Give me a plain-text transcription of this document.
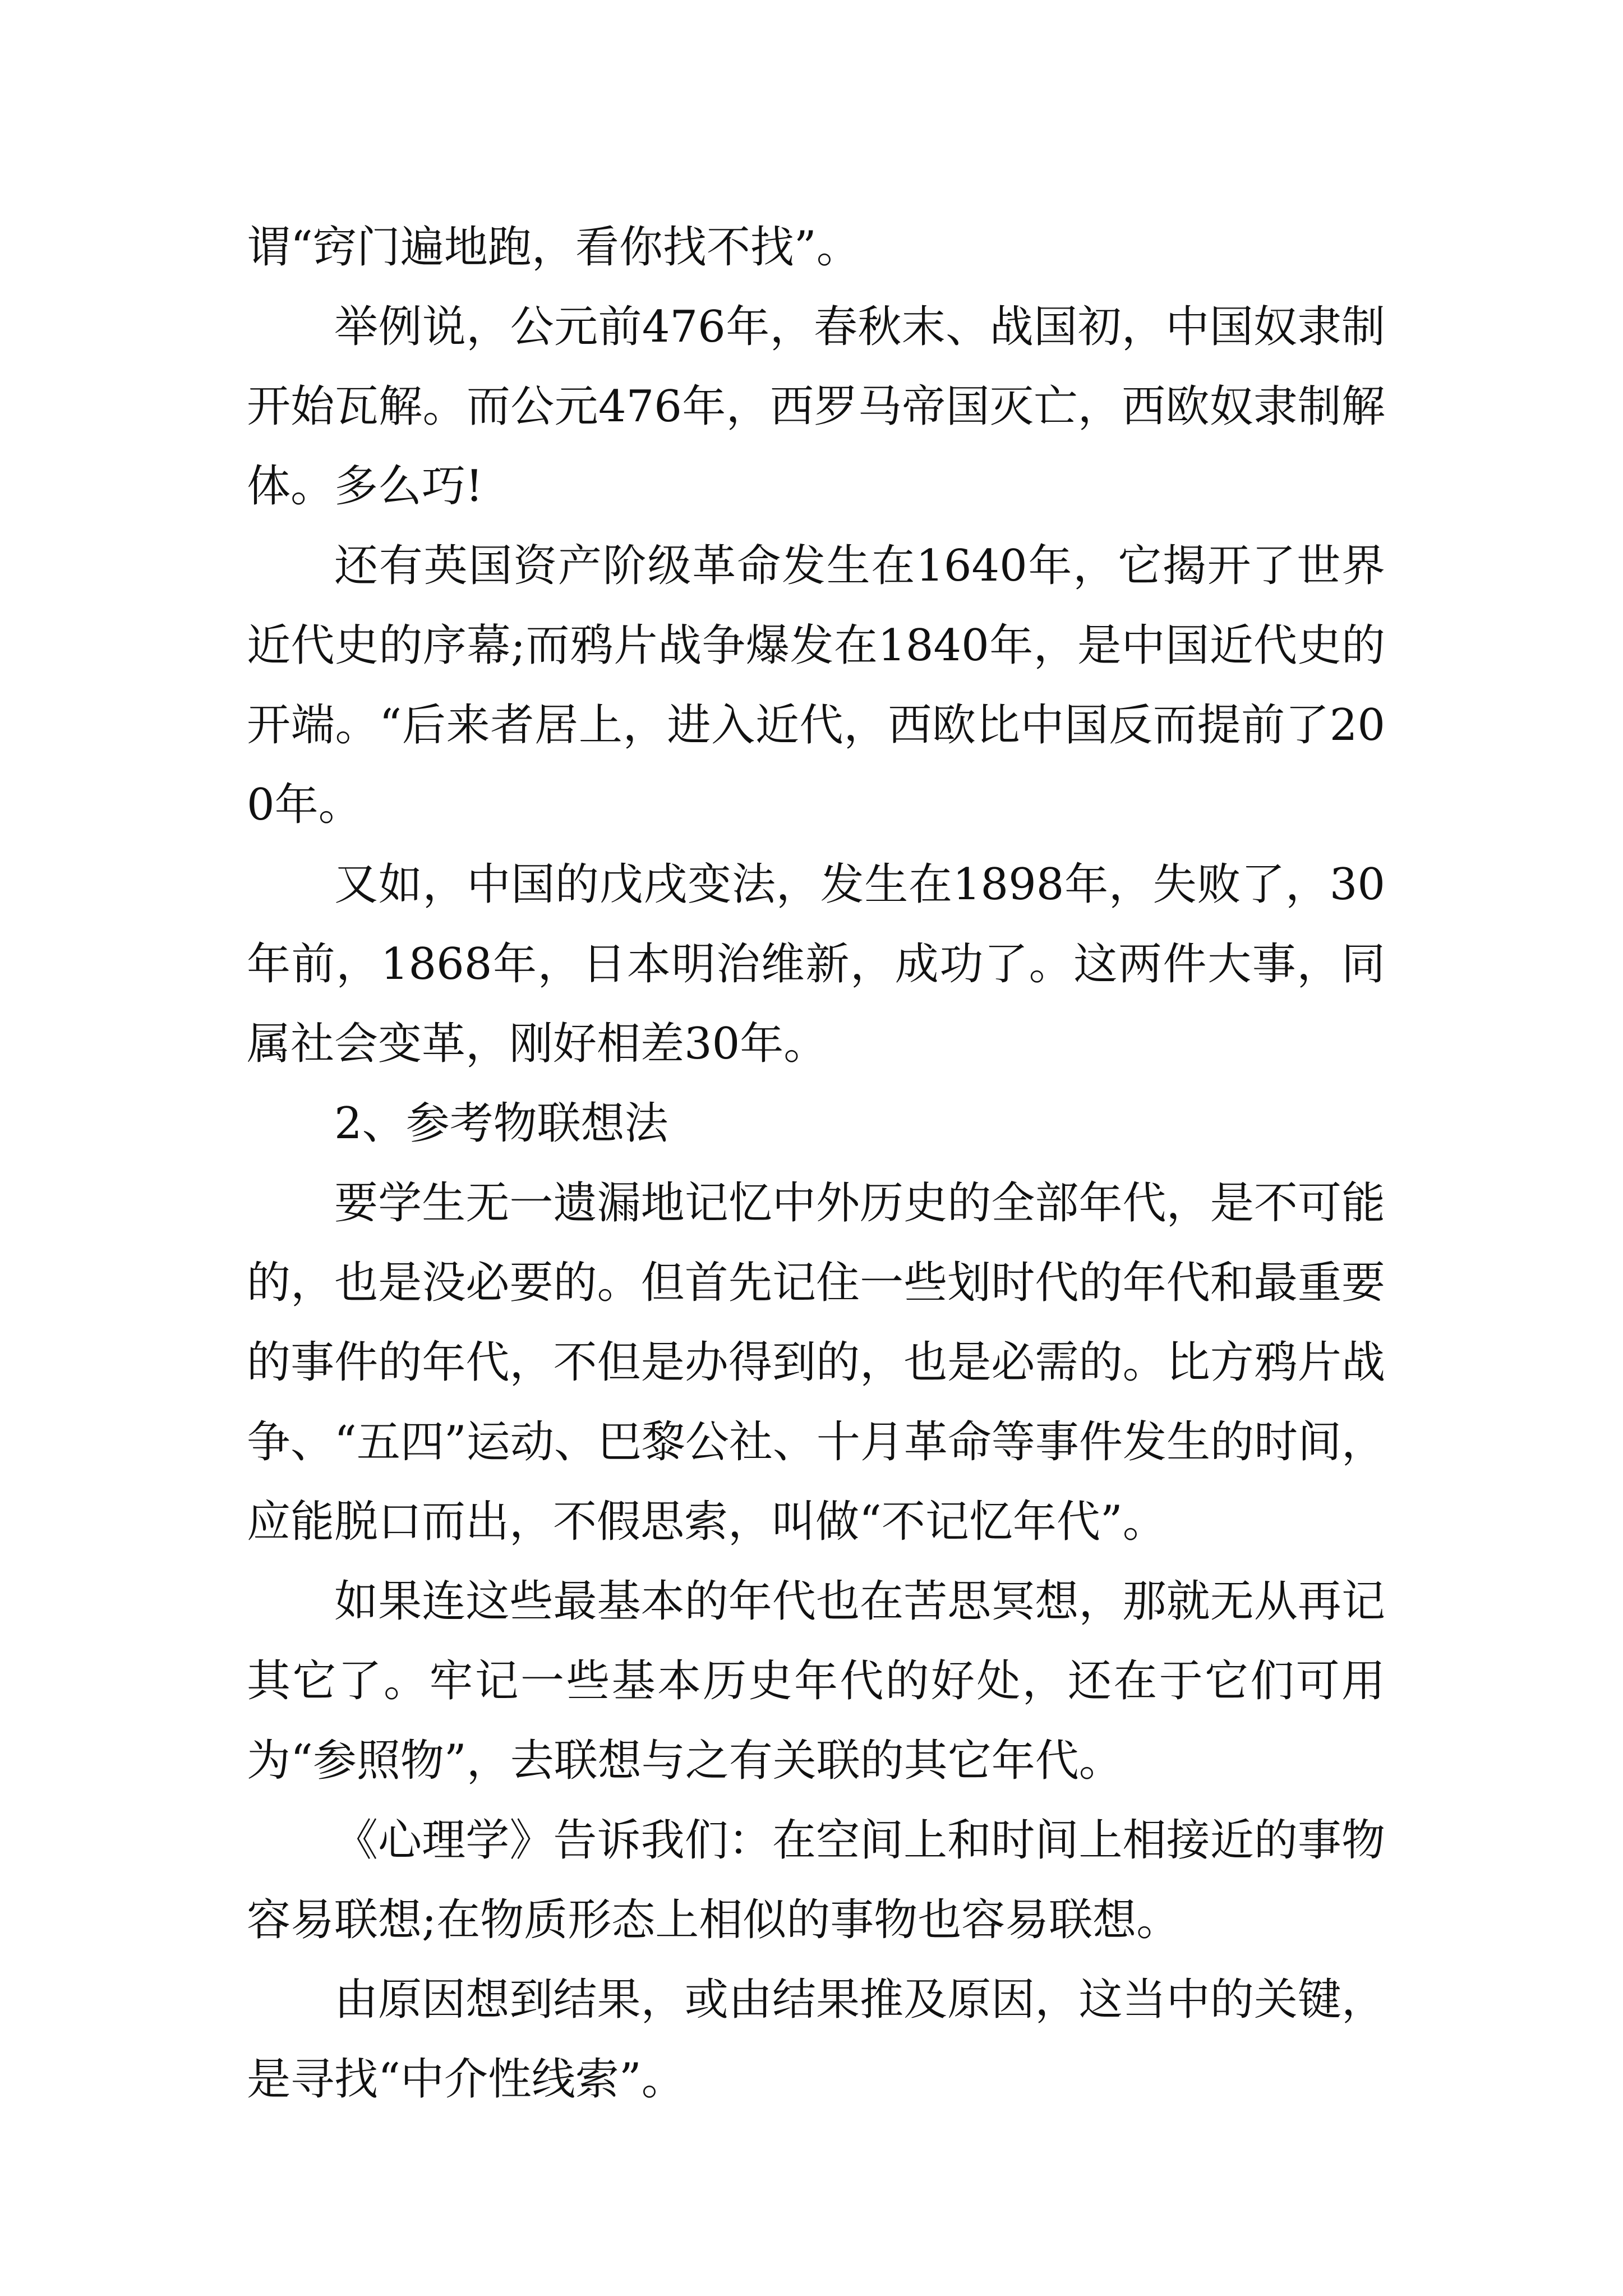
谓“窍门遍地跑，看你找不找”。

举例说，公元前476年，春秋末、战国初，中国奴隶制开始瓦解。而公元476年，西罗马帝国灭亡，西欧奴隶制解体。多么巧!

还有英国资产阶级革命发生在1640年，它揭开了世界近代史的序幕;而鸦片战争爆发在1840年，是中国近代史的开端。“后来者居上，进入近代，西欧比中国反而提前了200年。

又如，中国的戊戌变法，发生在1898年，失败了，30年前，1868年，日本明治维新，成功了。这两件大事，同属社会变革，刚好相差30年。

2、参考物联想法

要学生无一遗漏地记忆中外历史的全部年代，是不可能的，也是没必要的。但首先记住一些划时代的年代和最重要的事件的年代，不但是办得到的，也是必需的。比方鸦片战争、“五四”运动、巴黎公社、十月革命等事件发生的时间，应能脱口而出，不假思索，叫做“不记忆年代”。

如果连这些最基本的年代也在苦思冥想，那就无从再记其它了。牢记一些基本历史年代的好处，还在于它们可用为“参照物”，去联想与之有关联的其它年代。

《心理学》告诉我们：在空间上和时间上相接近的事物容易联想;在物质形态上相似的事物也容易联想。

由原因想到结果，或由结果推及原因，这当中的关键，是寻找“中介性线索”。
